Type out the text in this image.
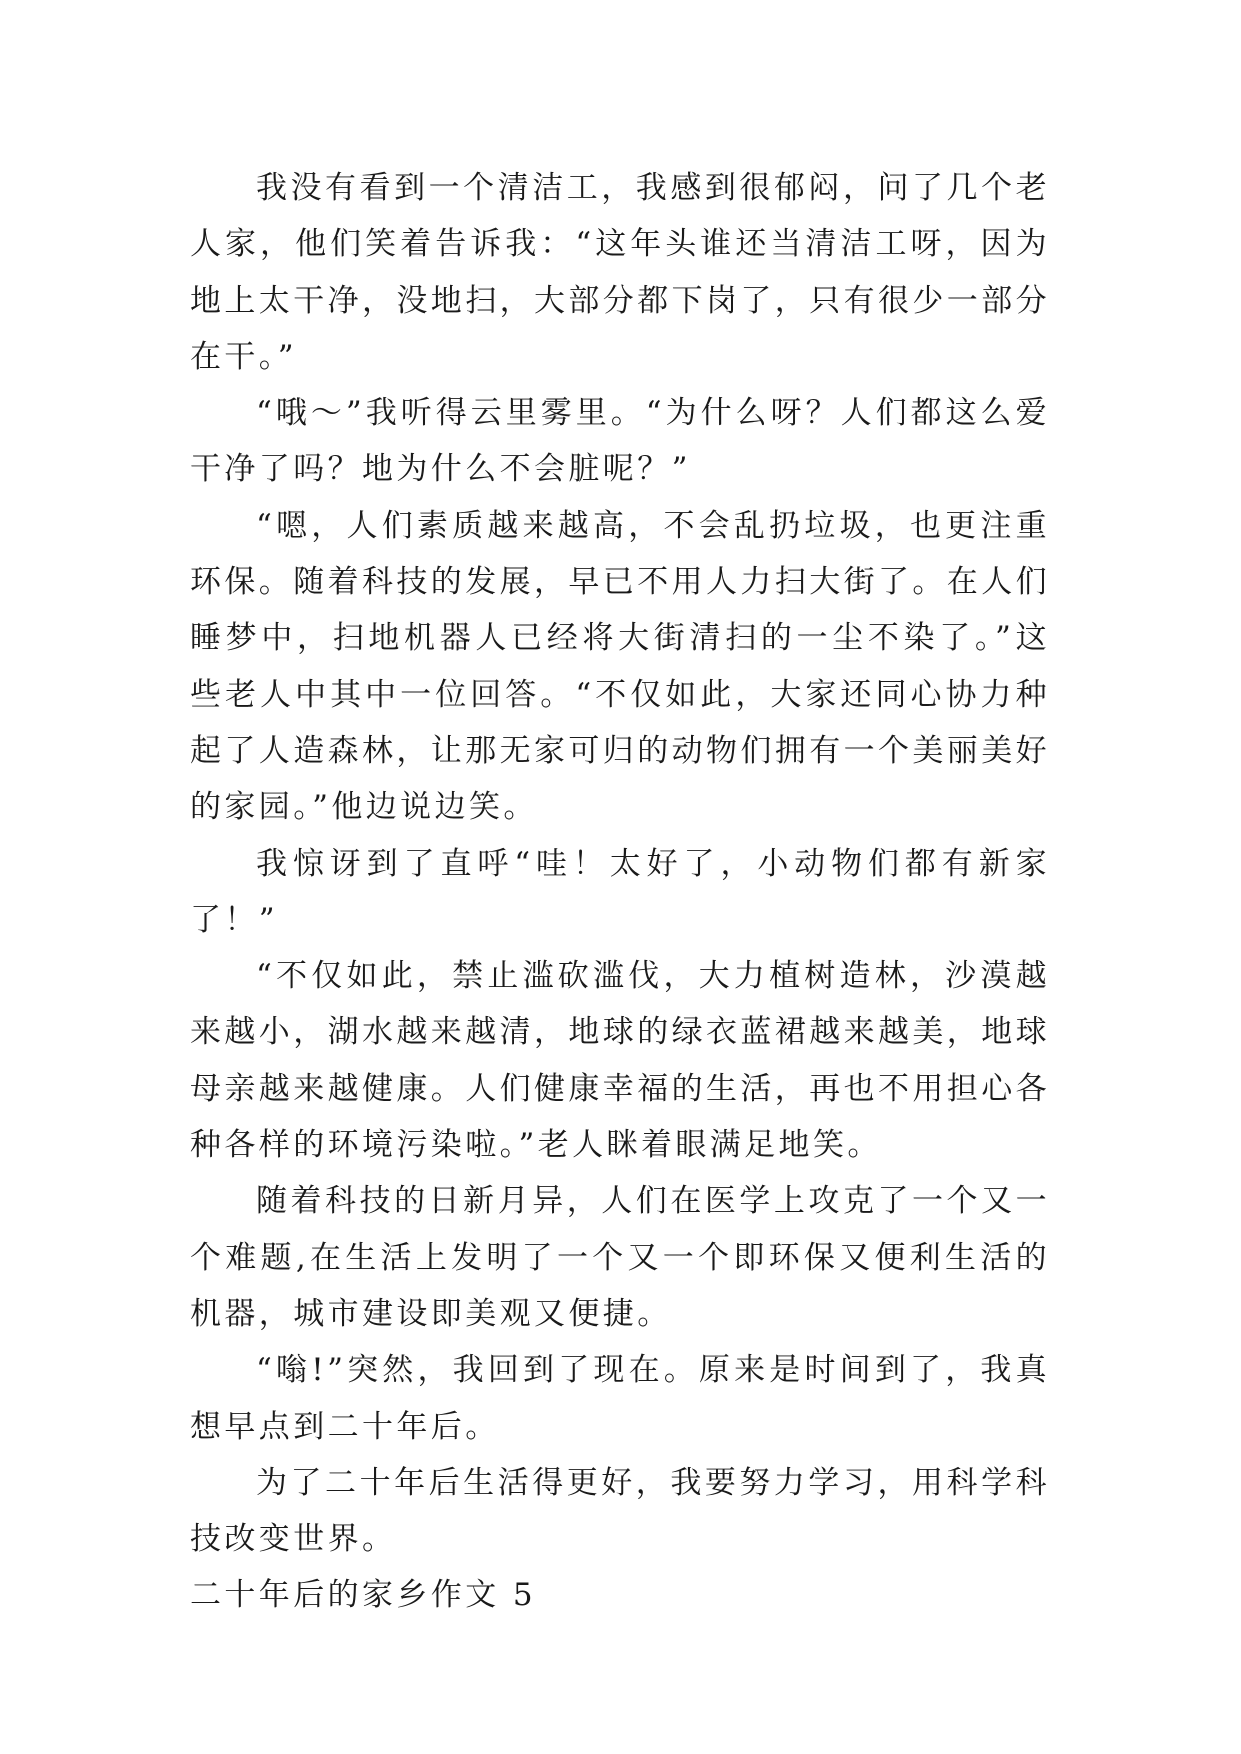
我没有看到一个清洁工，我感到很郁闷，问了几个老人家，他们笑着告诉我：“这年头谁还当清洁工呀，因为地上太干净，没地扫，大部分都下岗了，只有很少一部分在干。”

“哦～”我听得云里雾里。“为什么呀？人们都这么爱干净了吗？地为什么不会脏呢？”

“嗯，人们素质越来越高，不会乱扔垃圾，也更注重环保。随着科技的发展，早已不用人力扫大街了。在人们睡梦中，扫地机器人已经将大街清扫的一尘不染了。”这些老人中其中一位回答。“不仅如此，大家还同心协力种起了人造森林，让那无家可归的动物们拥有一个美丽美好的家园。”他边说边笑。

我惊讶到了直呼“哇！太好了，小动物们都有新家了！”

“不仅如此，禁止滥砍滥伐，大力植树造林，沙漠越来越小，湖水越来越清，地球的绿衣蓝裙越来越美，地球母亲越来越健康。人们健康幸福的生活，再也不用担心各种各样的环境污染啦。”老人眯着眼满足地笑。

随着科技的日新月异，人们在医学上攻克了一个又一个难题,在生活上发明了一个又一个即环保又便利生活的机器，城市建设即美观又便捷。

“嗡!”突然，我回到了现在。原来是时间到了，我真想早点到二十年后。

为了二十年后生活得更好，我要努力学习，用科学科技改变世界。

二十年后的家乡作文 5
